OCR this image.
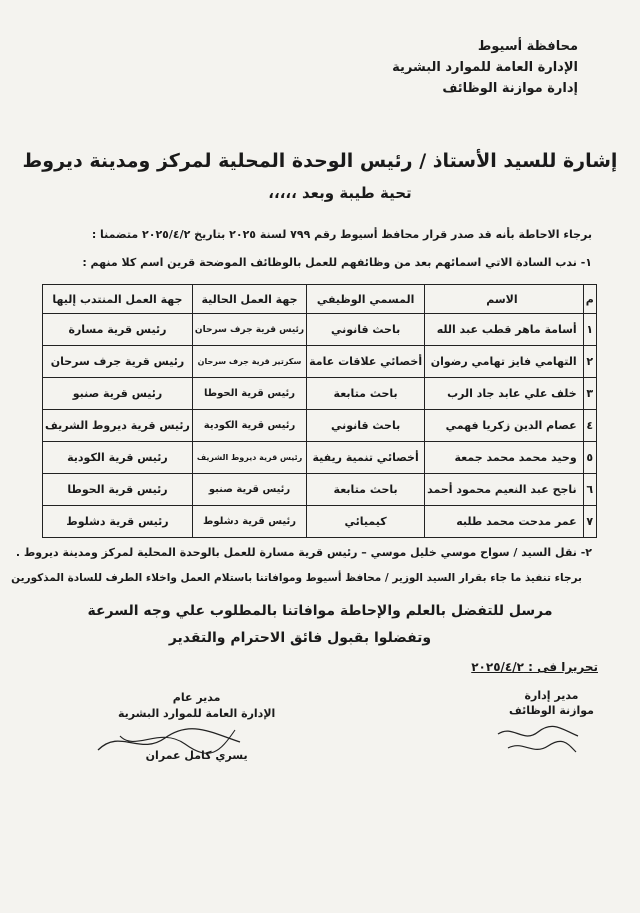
محافظة أسيوط
الإدارة العامة للموارد البشرية
إدارة موازنة الوظائف
إشارة للسيد الأستاذ / رئيس الوحدة المحلية لمركز ومدينة ديروط
تحية طيبة وبعد ،،،،،
برجاء الاحاطة بأنه قد صدر قرار محافظ أسيوط رقم ٧٩٩ لسنة ٢٠٢٥ بتاريخ ٢٠٢٥/٤/٢ متضمنا :
١- ندب السادة الاتي اسمائهم بعد من وظائفهم للعمل بالوظائف الموضحة قرين اسم كلا منهم :
م	الاسم	المسمي الوظيفي	جهة العمل الحالية	جهة العمل المنتدب إليها
١	أسامة ماهر قطب عبد الله	باحث قانوني	رئيس قرية جرف سرحان	رئيس قرية مسارة
٢	التهامي فايز تهامي رضوان	أخصائي علاقات عامة	سكرتير قرية جرف سرحان	رئيس قرية جرف سرحان
٣	خلف علي عابد جاد الرب	باحث متابعة	رئيس قرية الحوطا	رئيس قرية صنبو
٤	عصام الدين زكريا فهمي	باحث قانوني	رئيس قرية الكودية	رئيس قرية ديروط الشريف
٥	وحيد محمد محمد جمعة	أخصائي تنمية ريفية	رئيس قرية ديروط الشريف	رئيس قرية الكودية
٦	ناجح عبد النعيم محمود أحمد	باحث متابعة	رئيس قرية صنبو	رئيس قرية الحوطا
٧	عمر مدحت محمد طلبه	كيميائي	رئيس قرية دشلوط	رئيس قرية دشلوط
٢- نقل السيد / سواح موسي خليل موسي – رئيس قرية مسارة للعمل بالوحدة المحلية لمركز ومدينة ديروط .
برجاء تنفيذ ما جاء بقرار السيد الوزير / محافظ أسيوط وموافاتنا باستلام العمل واخلاء الطرف للسادة المذكورين
مرسل للتفضل بالعلم والإحاطة موافاتنا بالمطلوب علي وجه السرعة
وتفضلوا بقبول فائق الاحترام والتقدير
تحريرا فى : ٢٠٢٥/٤/٢
مدير إدارة
موازنة الوظائف
مدير عام
الإدارة العامة للموارد البشرية
يسري كامل عمران
